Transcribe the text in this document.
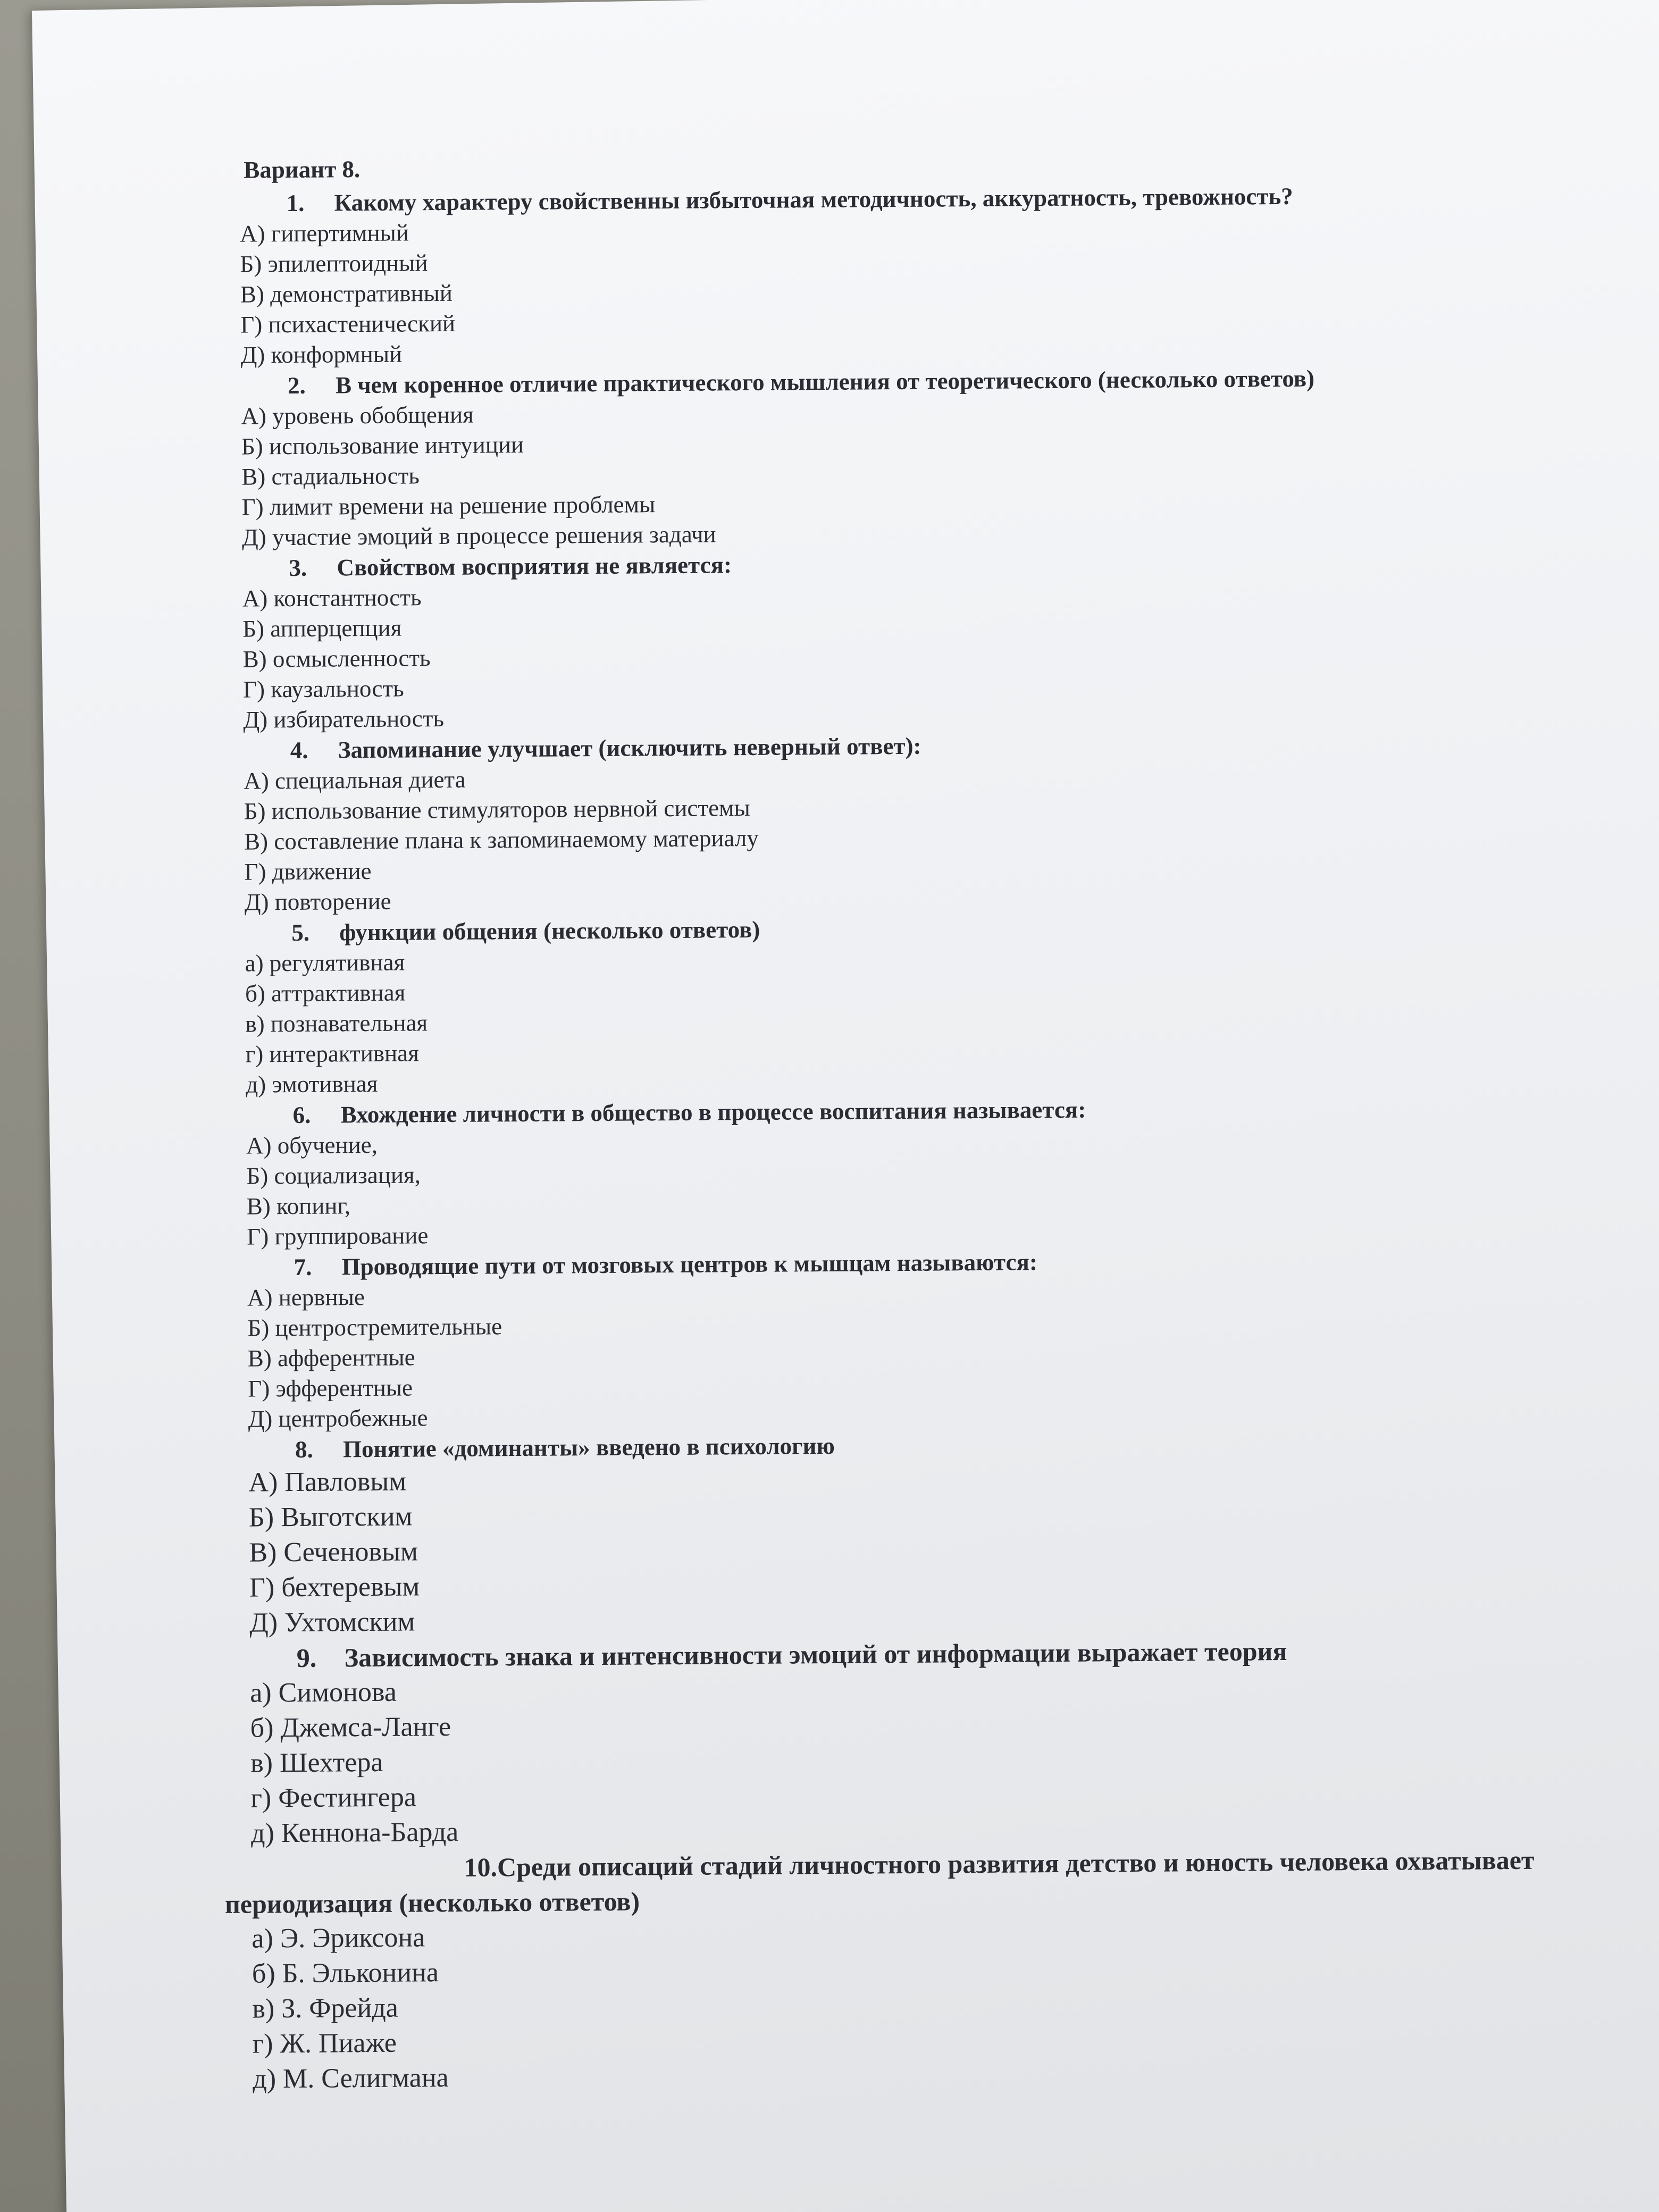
Вариант 8.
1. Какому характеру свойственны избыточная методичность, аккуратность, тревожность?
А) гипертимный
Б) эпилептоидный
В) демонстративный
Г) психастенический
Д) конформный
2. В чем коренное отличие практического мышления от теоретического (несколько ответов)
А) уровень обобщения
Б) использование интуиции
В) стадиальность
Г) лимит времени на решение проблемы
Д) участие эмоций в процессе решения задачи
3. Свойством восприятия не является:
А) константность
Б) апперцепция
В) осмысленность
Г) каузальность
Д) избирательность
4. Запоминание улучшает (исключить неверный ответ):
А) специальная диета
Б) использование стимуляторов нервной системы
В) составление плана к запоминаемому материалу
Г) движение
Д) повторение
5. функции общения (несколько ответов)
а) регулятивная
б) аттрактивная
в) познавательная
г) интерактивная
д) эмотивная
6. Вхождение личности в общество в процессе воспитания называется:
А) обучение,
Б) социализация,
В) копинг,
Г) группирование
7. Проводящие пути от мозговых центров к мышцам называются:
А) нервные
Б) центростремительные
В) афферентные
Г) эфферентные
Д) центробежные
8. Понятие «доминанты» введено в психологию
А) Павловым
Б) Выготским
В) Сеченовым
Г) бехтеревым
Д) Ухтомским
9. Зависимость знака и интенсивности эмоций от информации выражает теория
а) Симонова
б) Джемса-Ланге
в) Шехтера
г) Фестингера
д) Кеннона-Барда
10.Среди описаций стадий личностного развития детство и юность человека охватывает периодизация (несколько ответов)
а) Э. Эриксона
б) Б. Эльконина
в) З. Фрейда
г) Ж. Пиаже
д) М. Селигмана
